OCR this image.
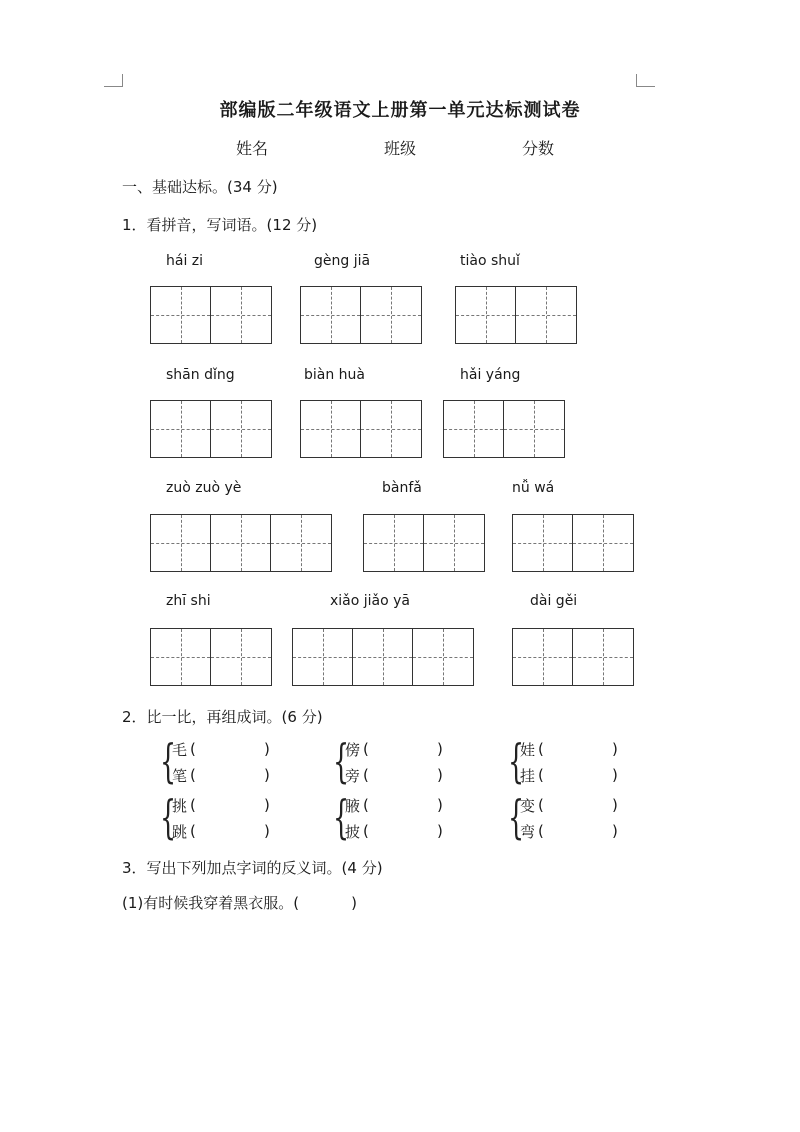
部编版二年级语文上册第一单元达标测试卷
姓名	班级	分数
一、基础达标。(34 分)
1．看拼音，写词语。(12 分)
hái zi	gèng jiā	tiào shuǐ
shān dǐng	biàn huà	hǎi yáng
zuò zuò yè	bànfǎ	nǚ wá
zhī shi	xiǎo jiǎo yā	dài gěi
2．比一比，再组成词。(6 分)
{
毛 (	)
笔 (	) {
傍 (	)
旁 (	) {
娃 (	)
挂 (	)
{
挑 (	)
跳 (	) {
腋 (	)
披 (	) {
变 (	)
弯 (	)
3．写出下列加点字词的反义词。(4 分)
(1)有时候我穿着黑衣服。(	)
